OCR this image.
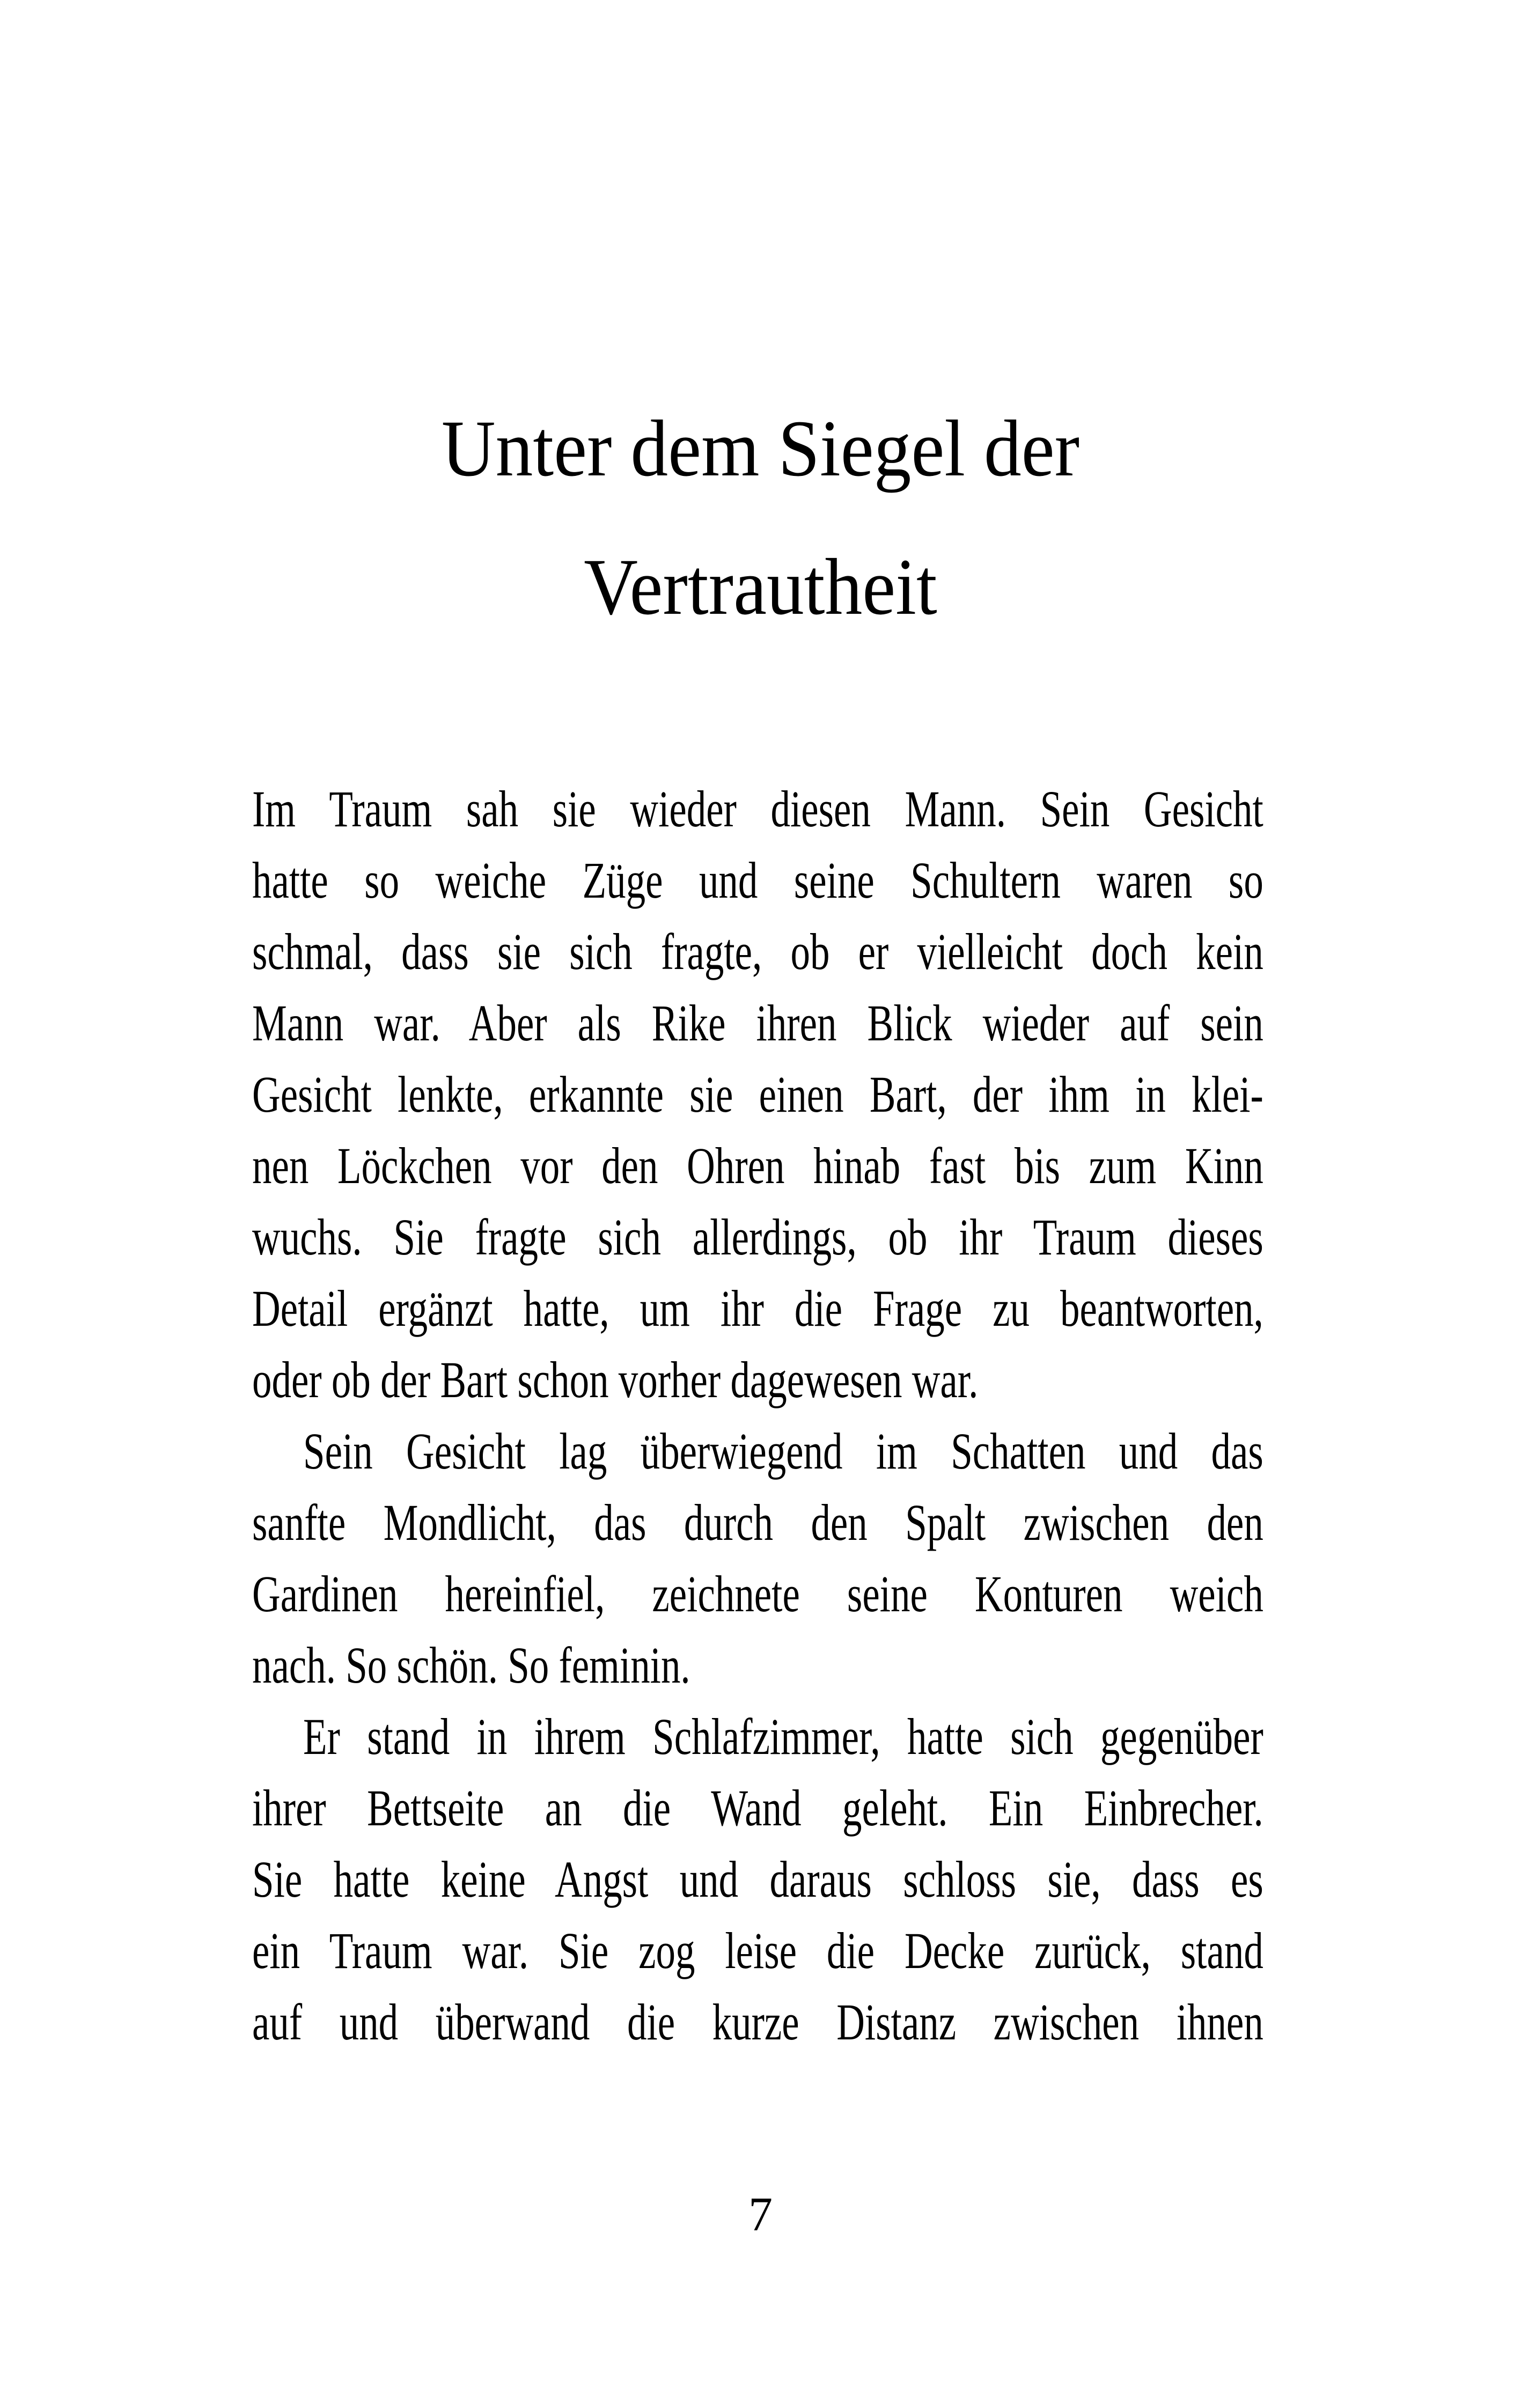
Unter dem Siegel der
Vertrautheit
Im Traum sah sie wieder diesen Mann. Sein Gesicht
hatte so weiche Züge und seine Schultern waren so
schmal, dass sie sich fragte, ob er vielleicht doch kein
Mann war. Aber als Rike ihren Blick wieder auf sein
Gesicht lenkte, erkannte sie einen Bart, der ihm in klei-
nen Löckchen vor den Ohren hinab fast bis zum Kinn
wuchs. Sie fragte sich allerdings, ob ihr Traum dieses
Detail ergänzt hatte, um ihr die Frage zu beantworten,
oder ob der Bart schon vorher dagewesen war.
Sein Gesicht lag überwiegend im Schatten und das
sanfte Mondlicht, das durch den Spalt zwischen den
Gardinen hereinfiel, zeichnete seine Konturen weich
nach. So schön. So feminin.
Er stand in ihrem Schlafzimmer, hatte sich gegenüber
ihrer Bettseite an die Wand geleht. Ein Einbrecher.
Sie hatte keine Angst und daraus schloss sie, dass es
ein Traum war. Sie zog leise die Decke zurück, stand
auf und überwand die kurze Distanz zwischen ihnen
7
